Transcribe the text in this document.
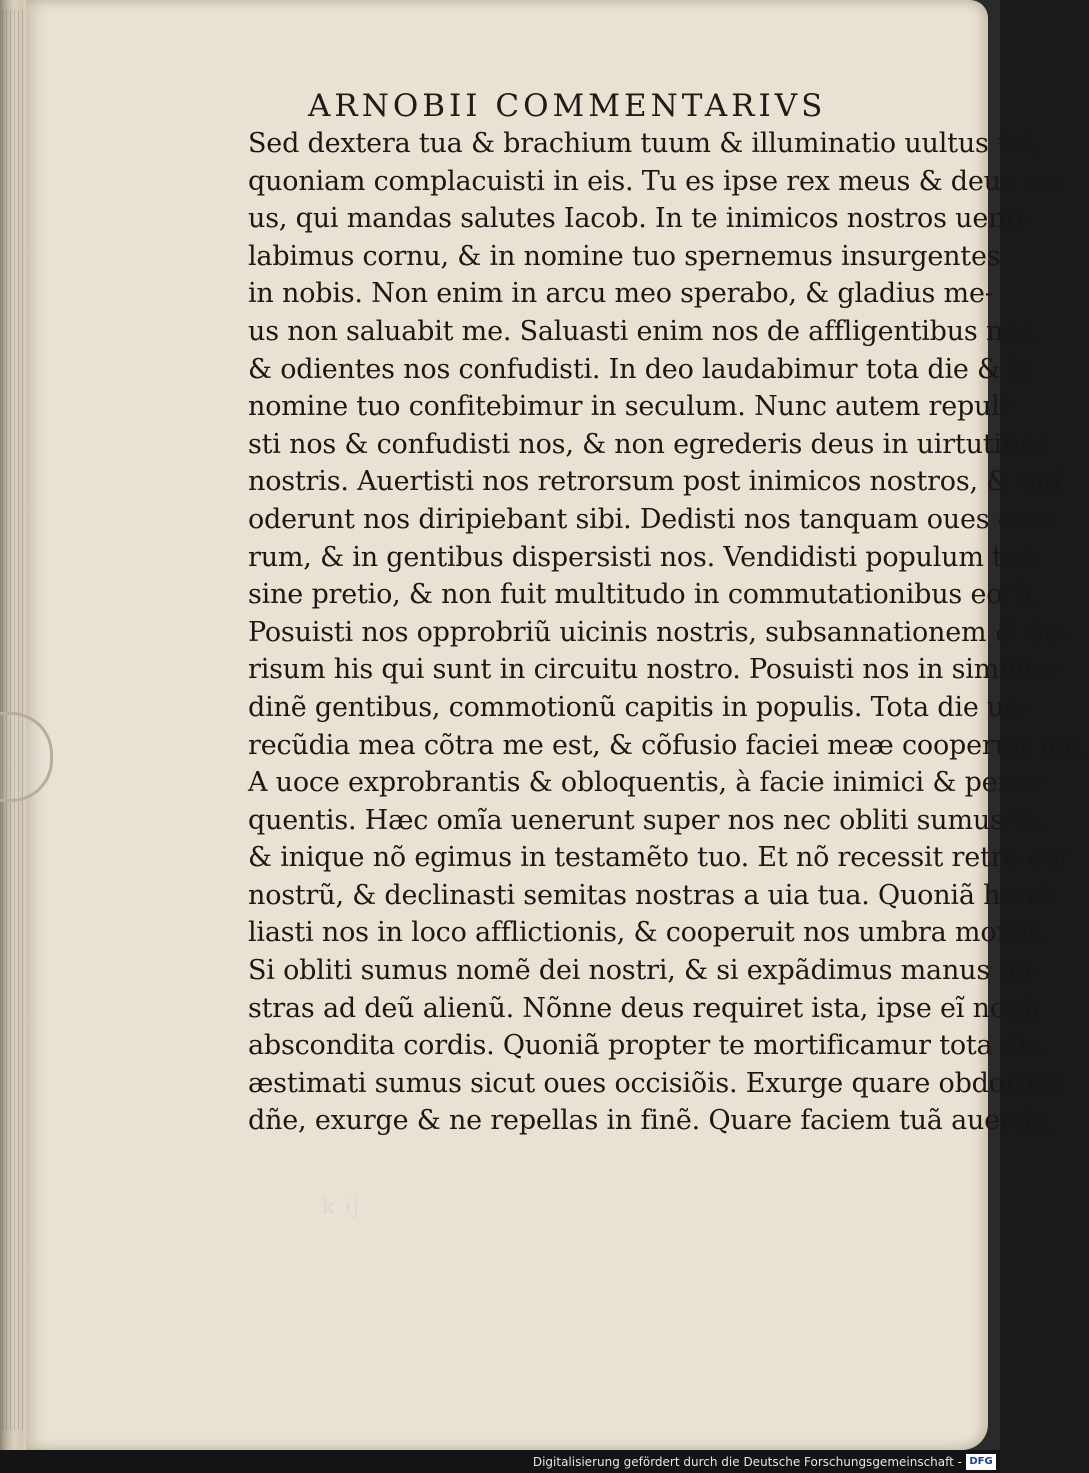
ARNOBII COMMENTARIVS
Sed dextera tua & brachium tuum & illuminatio uultus tui,
quoniam complacuisti in eis. Tu es ipse rex meus & deus me
us, qui mandas salutes Iacob. In te inimicos nostros uenti-
labimus cornu, & in nomine tuo spernemus insurgentes
in nobis. Non enim in arcu meo sperabo, & gladius me-
us non saluabit me. Saluasti enim nos de affligentibus nos,
& odientes nos confudisti. In deo laudabimur tota die & in
nomine tuo confitebimur in seculum. Nunc autem repuli-
sti nos & confudisti nos, & non egrederis deus in uirtutibus
nostris. Auertisti nos retrorsum post inimicos nostros, & qui
oderunt nos diripiebant sibi. Dedisti nos tanquam oues esca
rum, & in gentibus dispersisti nos. Vendidisti populum tuũ
sine pretio, & non fuit multitudo in commutationibus eorũ.
Posuisti nos opprobriũ uicinis nostris, subsannationem & de-
risum his qui sunt in circuitu nostro. Posuisti nos in similitu-
dinẽ gentibus, commotionũ capitis in populis. Tota die ue-
recũdia mea cõtra me est, & cõfusio faciei meæ cooperuit me.
A uoce exprobrantis & obloquentis, à facie inimici & perse-
quentis. Hæc omĩa uenerunt super nos nec obliti sumus te,
& inique nõ egimus in testamẽto tuo. Et nõ recessit retro cor
nostrũ, & declinasti semitas nostras a uia tua. Quoniã humi-
liasti nos in loco afflictionis, & cooperuit nos umbra mortis.
Si obliti sumus nomẽ dei nostri, & si expãdimus manus no-
stras ad deũ alienũ. Nõnne deus requiret ista, ipse eĩ nouit
abscondita cordis. Quoniã propter te mortificamur tota die,
æstimati sumus sicut oues occisiõis. Exurge quare obdormis
dñe, exurge & ne repellas in finẽ. Quare faciem tuã auertis,
k ij
Digitalisierung gefördert durch die Deutsche Forschungsgemeinschaft - DFG
